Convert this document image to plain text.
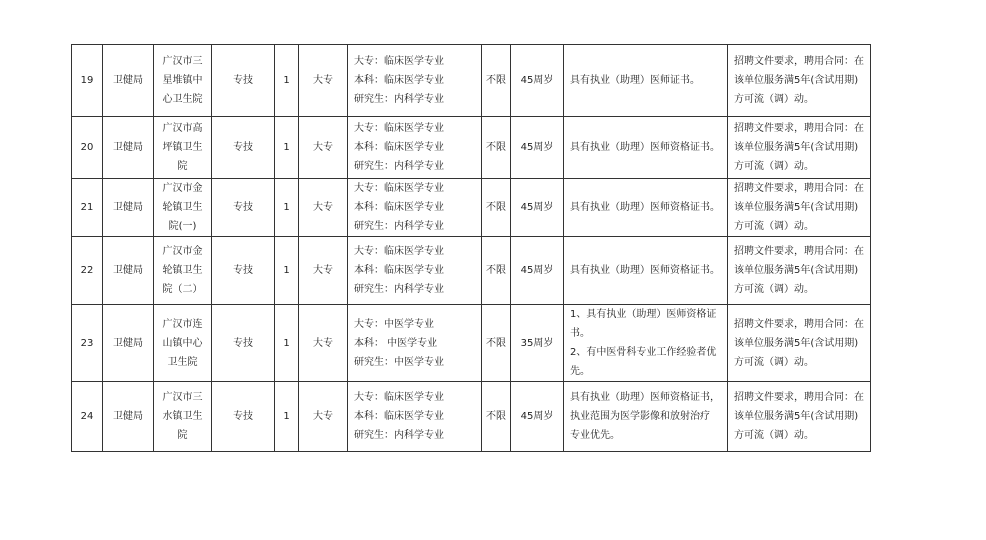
19	卫健局	广汉市三
星堆镇中
心卫生院	专技	1	大专	大专：临床医学专业
本科：临床医学专业
研究生：内科学专业	不限	45周岁	具有执业（助理）医师证书。	招聘文件要求，聘用合同：在
该单位服务满5年(含试用期)
方可流（调）动。

20	卫健局	广汉市高
坪镇卫生
院	专技	1	大专	大专：临床医学专业
本科：临床医学专业
研究生：内科学专业	不限	45周岁	具有执业（助理）医师资格证书。	招聘文件要求，聘用合同：在
该单位服务满5年(含试用期)
方可流（调）动。

21	卫健局	广汉市金
轮镇卫生
院(一)	专技	1	大专	大专：临床医学专业
本科：临床医学专业
研究生：内科学专业	不限	45周岁	具有执业（助理）医师资格证书。	招聘文件要求，聘用合同：在
该单位服务满5年(含试用期)
方可流（调）动。

22	卫健局	广汉市金
轮镇卫生
院（二）	专技	1	大专	大专：临床医学专业
本科：临床医学专业
研究生：内科学专业	不限	45周岁	具有执业（助理）医师资格证书。	招聘文件要求，聘用合同：在
该单位服务满5年(含试用期)
方可流（调）动。

23	卫健局	广汉市连
山镇中心
卫生院	专技	1	大专	大专：中医学专业
本科： 中医学专业
研究生：中医学专业	不限	35周岁	1、具有执业（助理）医师资格证
书。
2、有中医骨科专业工作经验者优
先。	招聘文件要求，聘用合同：在
该单位服务满5年(含试用期)
方可流（调）动。

24	卫健局	广汉市三
水镇卫生
院	专技	1	大专	大专：临床医学专业
本科：临床医学专业
研究生：内科学专业	不限	45周岁	具有执业（助理）医师资格证书，
执业范围为医学影像和放射治疗
专业优先。	招聘文件要求，聘用合同：在
该单位服务满5年(含试用期)
方可流（调）动。
